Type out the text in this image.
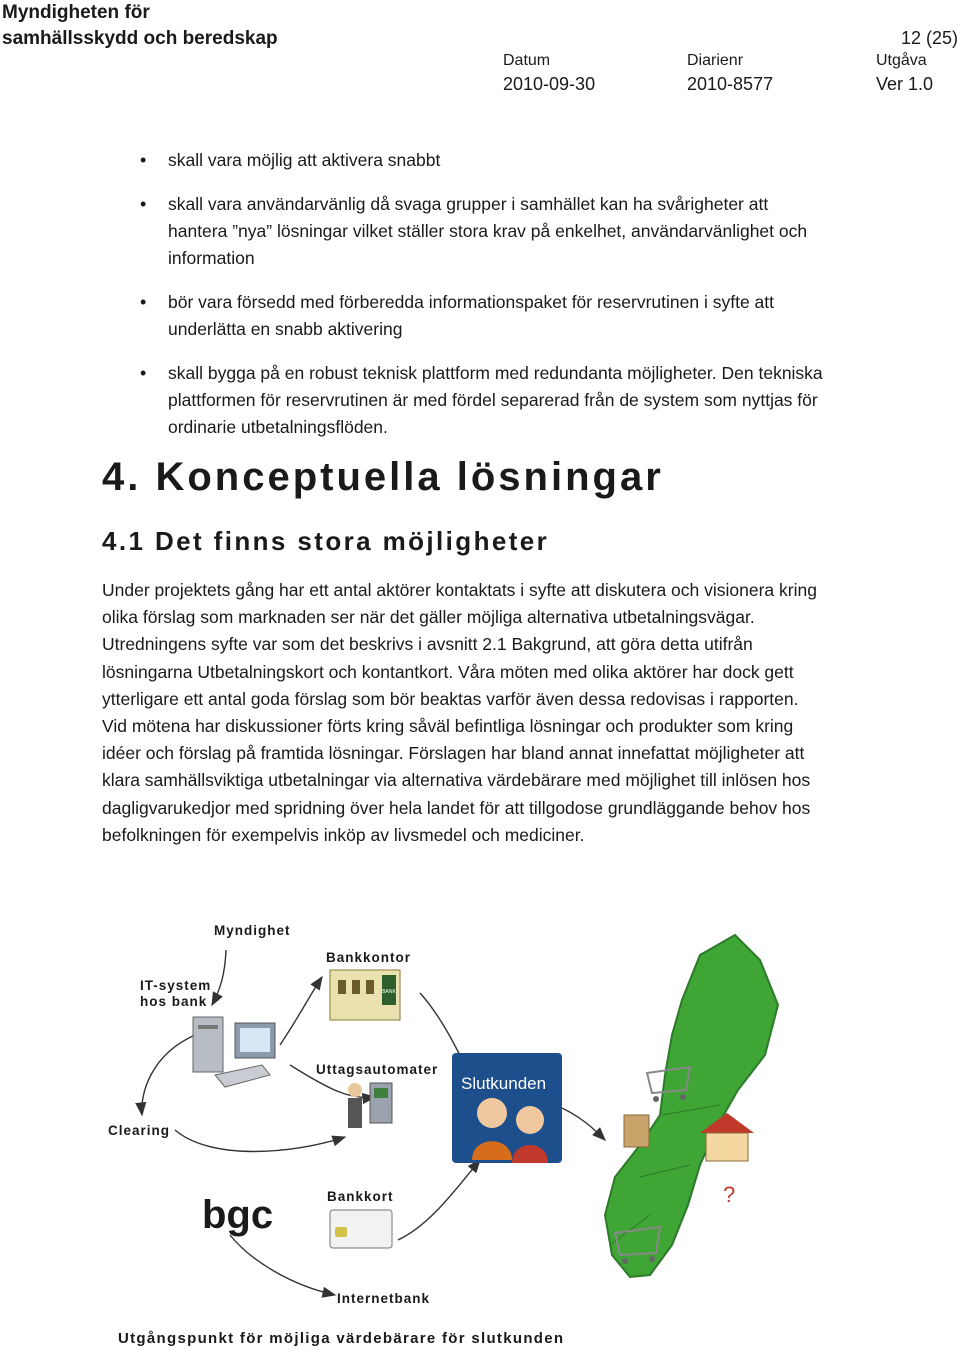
Myndigheten för
samhällsskydd och beredskap	12 (25)
Datum
2010-09-30
Diarienr
2010-8577
Utgåva
Ver 1.0
• skall vara möjlig att aktivera snabbt
• skall vara användarvänlig då svaga grupper i samhället kan ha svårigheter att hantera ”nya” lösningar vilket ställer stora krav på enkelhet, användarvänlighet och information
• bör vara försedd med förberedda informationspaket för reservrutinen i syfte att underlätta en snabb aktivering
• skall bygga på en robust teknisk plattform med redundanta möjligheter. Den tekniska plattformen för reservrutinen är med fördel separerad från de system som nyttjas för ordinarie utbetalningsflöden.
4. Konceptuella lösningar
4.1 Det finns stora möjligheter
Under projektets gång har ett antal aktörer kontaktats i syfte att diskutera och visionera kring olika förslag som marknaden ser när det gäller möjliga alternativa utbetalningsvägar. Utredningens syfte var som det beskrivs i avsnitt 2.1 Bakgrund, att göra detta utifrån lösningarna Utbetalningskort och kontantkort. Våra möten med olika aktörer har dock gett ytterligare ett antal goda förslag som bör beaktas varför även dessa redovisas i rapporten. Vid mötena har diskussioner förts kring såväl befintliga lösningar och produkter som kring idéer och förslag på framtida lösningar. Förslagen har bland annat innefattat möjligheter att klara samhällsviktiga utbetalningar via alternativa värdebärare med möjlighet till inlösen hos dagligvarukedjor med spridning över hela landet för att tillgodose grundläggande behov hos befolkningen för exempelvis inköp av livsmedel och mediciner.
BANK
bgc	?
Myndighet
Bankkontor
IT-system
hos bank
Uttagsautomater
Slutkunden
Clearing
Bankkort
Internetbank
Utgångspunkt för möjliga värdebärare för slutkunden
